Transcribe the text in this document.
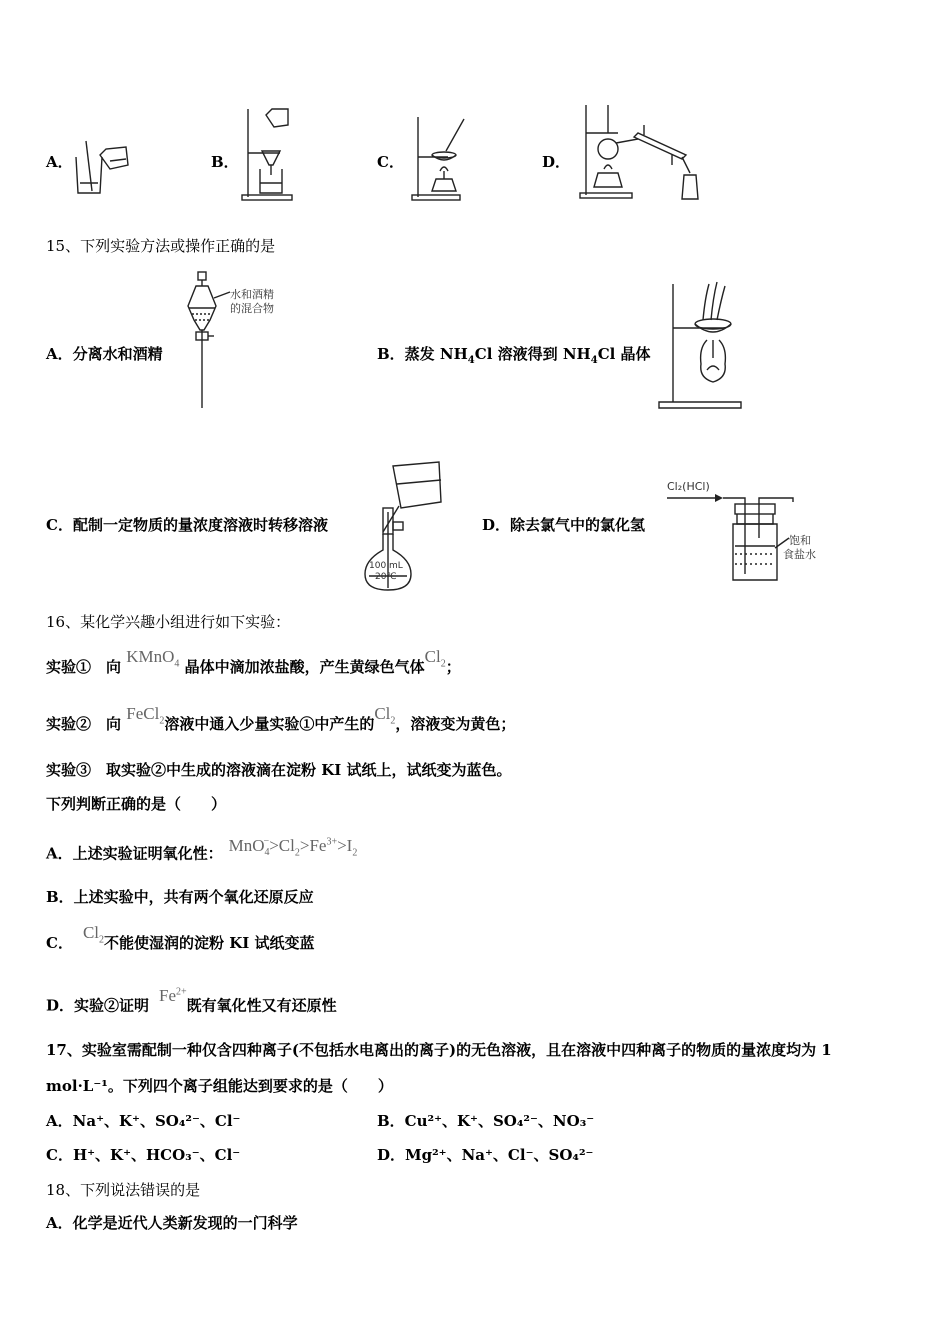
A．	B．	C．	D．
15、下列实验方法或操作正确的是
A．分离水和酒精
水和酒精
的混合物
B．蒸发 $NH_4Cl$ 溶液得到 $NH_4Cl$ 晶体
C．配制一定物质的量浓度溶液时转移溶液
100 mL
20℃
D．除去氯气中的氯化氢
Cl₂(HCl)
饱和
食盐水
16、某化学兴趣小组进行如下实验：
实验①　向 KMnO$_4$ 晶体中滴加浓盐酸，产生黄绿色气体$Cl_2$；
实验②　向 FeCl$_2$溶液中通入少量实验①中产生的$Cl_2$，溶液变为黄色；
实验③　取实验②中生成的溶液滴在淀粉 KI 试纸上，试纸变为蓝色。
下列判断正确的是（　　）
A．上述实验证明氧化性： $MnO_4^->Cl_2>Fe^{3+}>I_2$
B．上述实验中，共有两个氧化还原反应
C．$Cl_2$不能使湿润的淀粉 KI 试纸变蓝
D．实验②证明$Fe^{2+}$既有氧化性又有还原性
17、实验室需配制一种仅含四种离子(不包括水电离出的离子)的无色溶液，且在溶液中四种离子的物质的量浓度均为 1
mol·L⁻¹。下列四个离子组能达到要求的是（　　）
A．Na⁺、K⁺、SO₄²⁻、Cl⁻	B．Cu²⁺、K⁺、SO₄²⁻、NO₃⁻
C．H⁺、K⁺、HCO₃⁻、Cl⁻	D．Mg²⁺、Na⁺、Cl⁻、SO₄²⁻
18、下列说法错误的是
A．化学是近代人类新发现的一门科学
